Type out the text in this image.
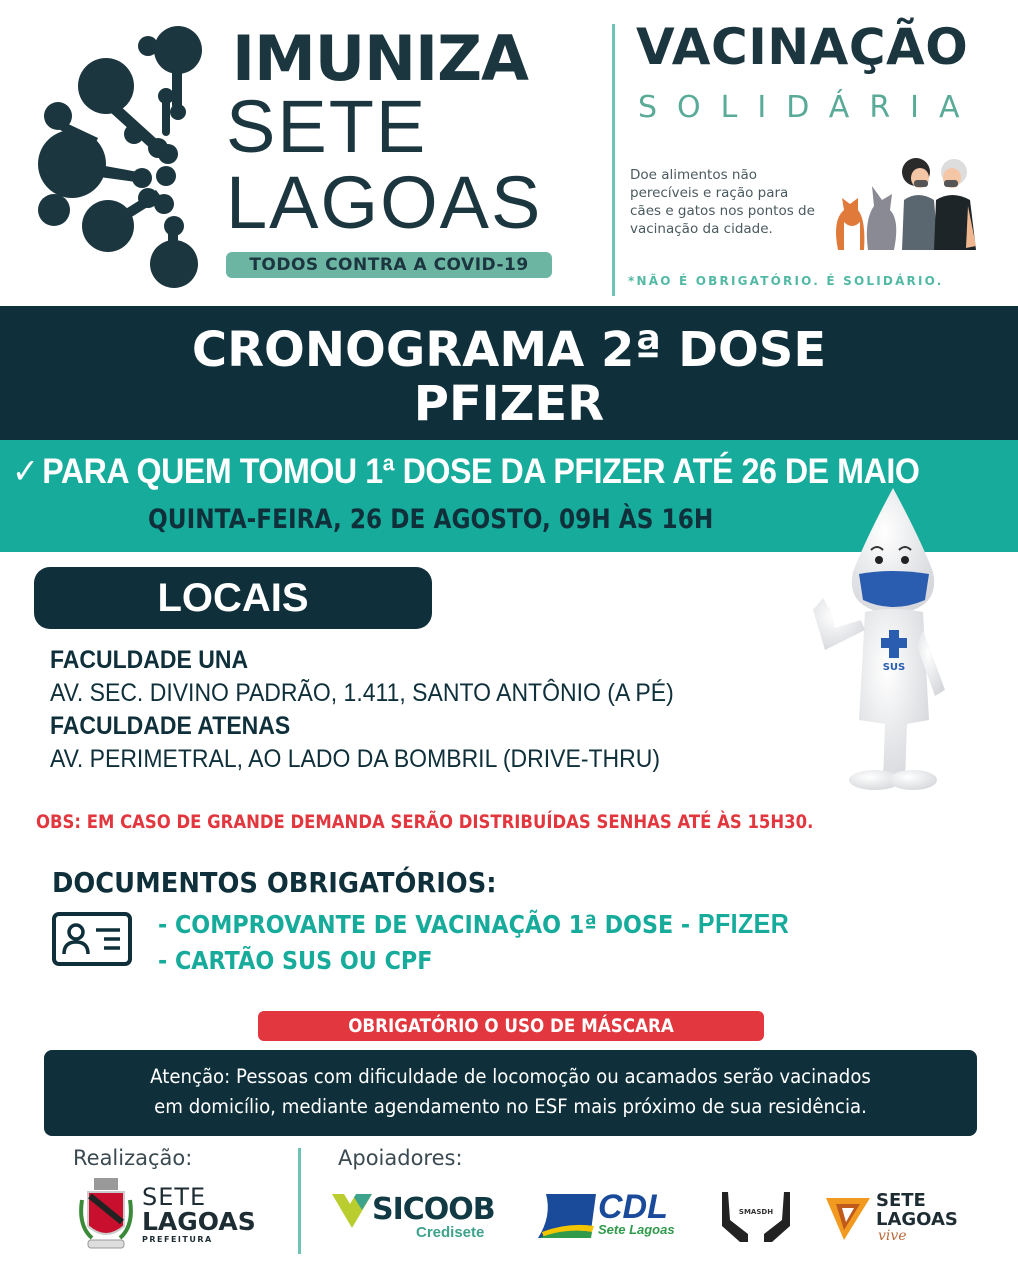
IMUNIZA
SETE
LAGOAS
TODOS CONTRA A COVID-19
VACINAÇÃO
SOLIDÁRIA
Doe alimentos não perecíveis e ração para cães e gatos nos pontos de vacinação da cidade.
*NÃO É OBRIGATÓRIO. É SOLIDÁRIO.
CRONOGRAMA 2ª DOSE
PFIZER
✓ PARA QUEM TOMOU 1ª DOSE DA PFIZER ATÉ 26 DE MAIO
QUINTA-FEIRA, 26 DE AGOSTO, 09H ÀS 16H
LOCAIS
FACULDADE UNA
AV. SEC. DIVINO PADRÃO, 1.411, SANTO ANTÔNIO (A PÉ)
FACULDADE ATENAS
AV. PERIMETRAL, AO LADO DA BOMBRIL (DRIVE-THRU)
SUS
OBS: EM CASO DE GRANDE DEMANDA SERÃO DISTRIBUÍDAS SENHAS ATÉ ÀS 15H30.
DOCUMENTOS OBRIGATÓRIOS:
- COMPROVANTE DE VACINAÇÃO 1ª DOSE - PFIZER
- CARTÃO SUS OU CPF
OBRIGATÓRIO O USO DE MÁSCARA
Atenção: Pessoas com dificuldade de locomoção ou acamados serão vacinados
em domicílio, mediante agendamento no ESF mais próximo de sua residência.
Realização:	Apoiadores:
SETE
LAGOAS
PREFEITURA
SICOOB
Credisete
CDL
Sete Lagoas
SMASDH
SETE
LAGOAS
vive
